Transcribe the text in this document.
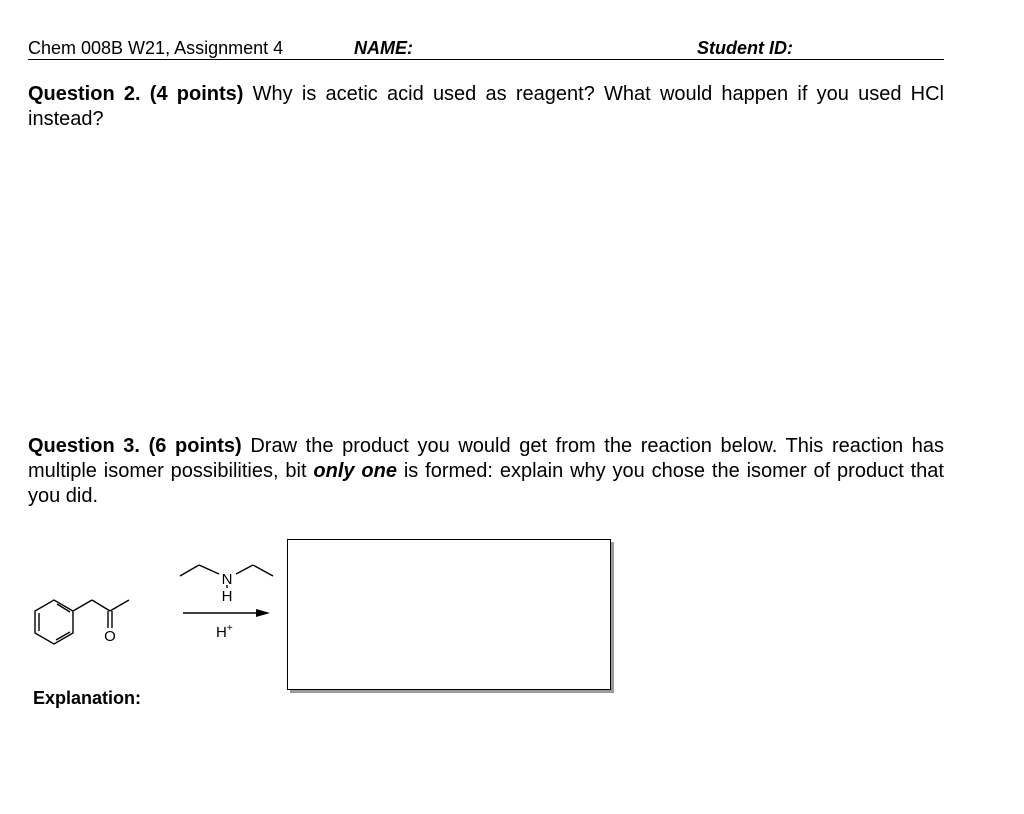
Chem 008B W21, Assignment 4	NAME:	Student ID:
Question 2. (4 points) Why is acetic acid used as reagent? What would happen if you used HCl instead?
Question 3. (6 points) Draw the product you would get from the reaction below. This reaction has multiple isomer possibilities, bit only one is formed: explain why you chose the isomer of product that you did.
O
N
H
H+
Explanation:
